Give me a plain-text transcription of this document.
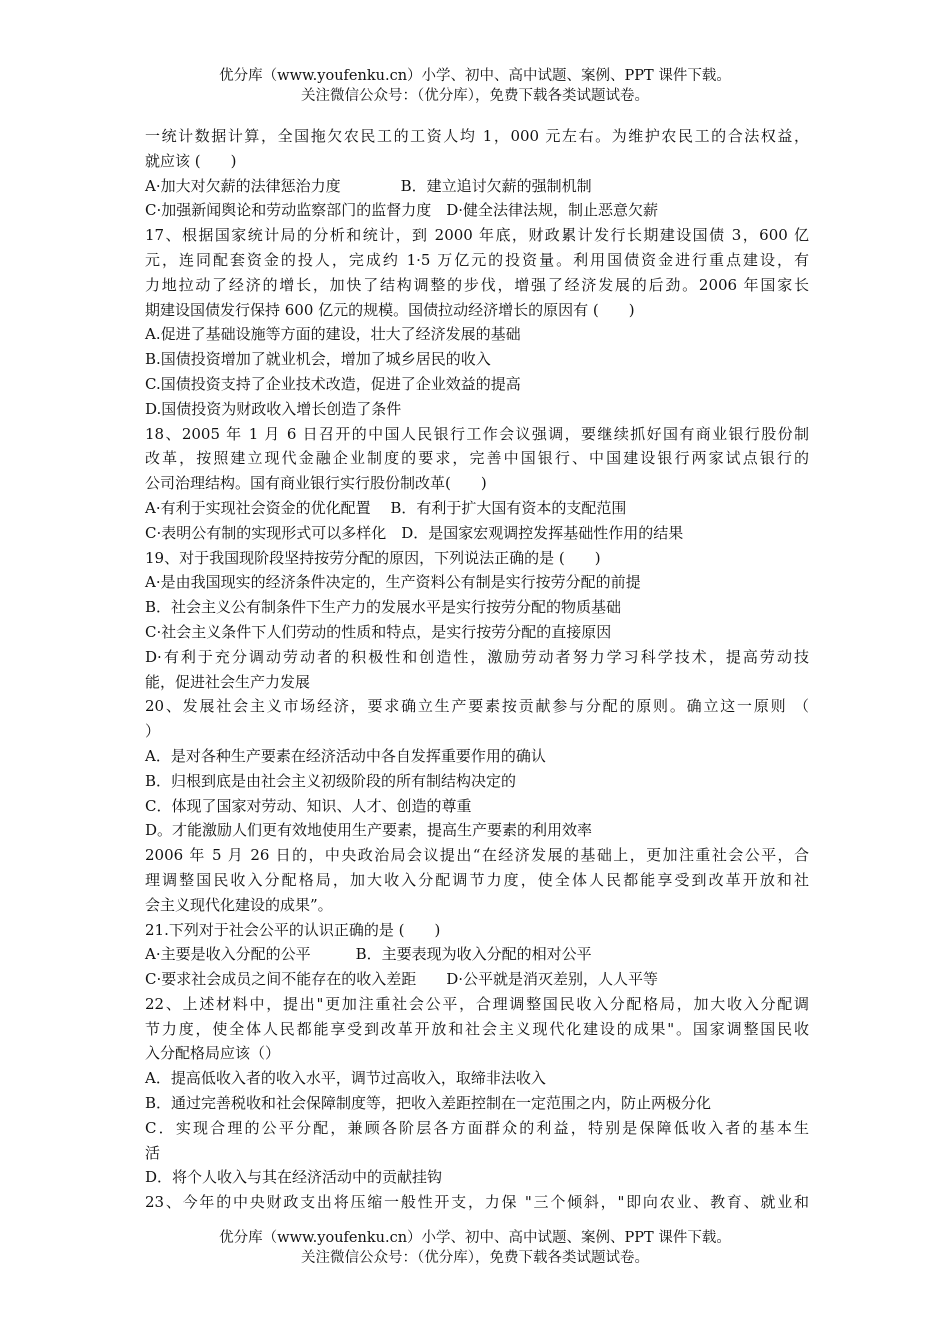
优分库（www.youfenku.cn）小学、初中、高中试题、案例、PPT 课件下载。
关注微信公众号：（优分库），免费下载各类试题试卷。
一统计数据计算，全国拖欠农民工的工资人均 1，000 元左右。为维护农民工的合法权益，
就应该 (　　)
A·加大对欠薪的法律惩治力度　　　　B．建立追讨欠薪的强制机制
C·加强新闻舆论和劳动监察部门的监督力度　D·健全法律法规，制止恶意欠薪
17、根据国家统计局的分析和统计，到 2000 年底，财政累计发行长期建设国债 3，600 亿
元，连同配套资金的投人，完成约 1·5 万亿元的投资量。利用国债资金进行重点建设，有
力地拉动了经济的增长，加快了结构调整的步伐，增强了经济发展的后劲。2006 年国家长
期建设国债发行保持 600 亿元的规模。国债拉动经济增长的原因有 (　　)
A.促进了基础设施等方面的建设，壮大了经济发展的基础
B.国债投资增加了就业机会，增加了城乡居民的收入
C.国债投资支持了企业技术改造，促进了企业效益的提高
D.国债投资为财政收入增长创造了条件
18、2005 年 1 月 6 日召开的中国人民银行工作会议强调，要继续抓好国有商业银行股份制
改革，按照建立现代金融企业制度的要求，完善中国银行、中国建设银行两家试点银行的
公司治理结构。国有商业银行实行股份制改革(　　)
A·有利于实现社会资金的优化配置　 B．有利于扩大国有资本的支配范围
C·表明公有制的实现形式可以多样化　D．是国家宏观调控发挥基础性作用的结果
19、对于我国现阶段坚持按劳分配的原因，下列说法正确的是 (　　)
A·是由我国现实的经济条件决定的，生产资料公有制是实行按劳分配的前提
B．社会主义公有制条件下生产力的发展水平是实行按劳分配的物质基础
C·社会主义条件下人们劳动的性质和特点，是实行按劳分配的直接原因
D·有利于充分调动劳动者的积极性和创造性，激励劳动者努力学习科学技术，提高劳动技
能，促进社会生产力发展
20、发展社会主义市场经济，要求确立生产要素按贡献参与分配的原则。确立这一原则 （
）
A．是对各种生产要素在经济活动中各自发挥重要作用的确认
B．归根到底是由社会主义初级阶段的所有制结构决定的
C．体现了国家对劳动、知识、人才、创造的尊重
D。才能激励人们更有效地使用生产要素，提高生产要素的利用效率
2006 年 5 月 26 日的，中央政治局会议提出“在经济发展的基础上，更加注重社会公平，合
理调整国民收入分配格局，加大收入分配调节力度，使全体人民都能享受到改革开放和社
会主义现代化建设的成果”。
21.下列对于社会公平的认识正确的是 (　　)
A·主要是收入分配的公平　　　B．主要表现为收入分配的相对公平
C·要求社会成员之间不能存在的收入差距　　D·公平就是消灭差别，人人平等
22、上述材料中，提出"更加注重社会公平，合理调整国民收入分配格局，加大收入分配调
节力度，使全体人民都能享受到改革开放和社会主义现代化建设的成果"。国家调整国民收
入分配格局应该（）
A．提高低收入者的收入水平，调节过高收入，取缔非法收入
B．通过完善税收和社会保障制度等，把收入差距控制在一定范围之内，防止两极分化
C．实现合理的公平分配，兼顾各阶层各方面群众的利益，特别是保障低收入者的基本生
活
D．将个人收入与其在经济活动中的贡献挂钩
23、今年的中央财政支出将压缩一般性开支，力保 "三个倾斜，"即向农业、教育、就业和
优分库（www.youfenku.cn）小学、初中、高中试题、案例、PPT 课件下载。
关注微信公众号：（优分库），免费下载各类试题试卷。
